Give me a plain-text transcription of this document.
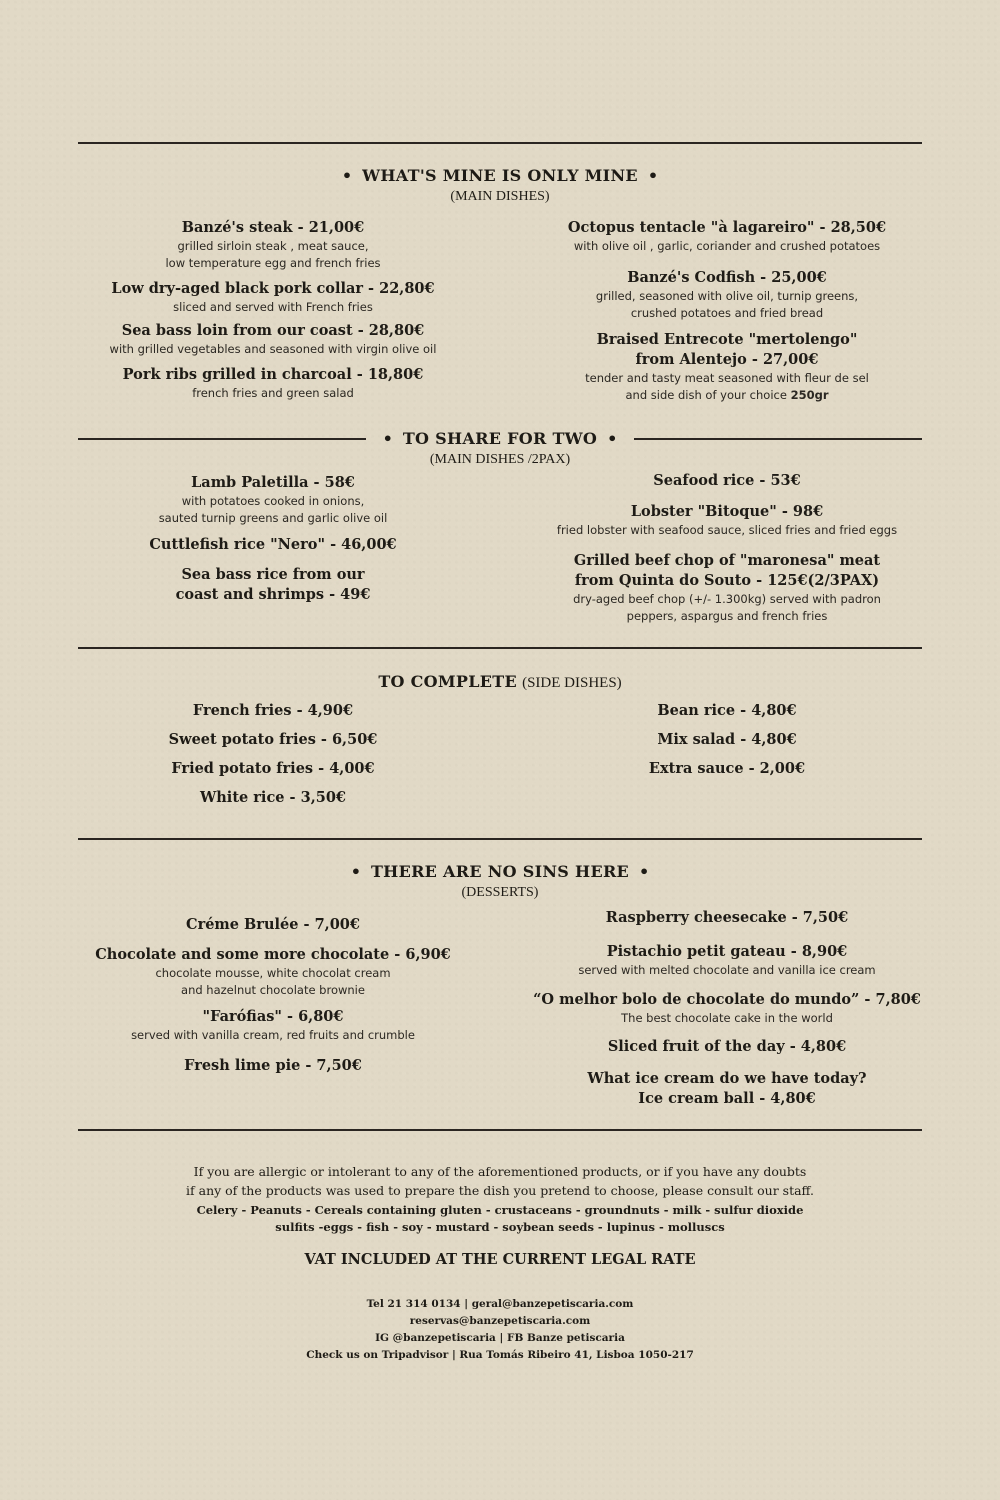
• WHAT'S MINE IS ONLY MINE •
(MAIN DISHES)
Banzé's steak - 21,00€
grilled sirloin steak , meat sauce,
low temperature egg and french fries
Low dry-aged black pork collar - 22,80€
sliced and served with French fries
Sea bass loin from our coast - 28,80€
with grilled vegetables and seasoned with virgin olive oil
Pork ribs grilled in charcoal - 18,80€
french fries and green salad
Octopus tentacle "à lagareiro" - 28,50€
with olive oil , garlic, coriander and crushed potatoes
Banzé's Codfish - 25,00€
grilled, seasoned with olive oil, turnip greens,
crushed potatoes and fried bread
Braised Entrecote "mertolengo"
from Alentejo - 27,00€
tender and tasty meat seasoned with fleur de sel
and side dish of your choice 250gr
• TO SHARE FOR TWO •
(MAIN DISHES /2PAX)
Lamb Paletilla - 58€
with potatoes cooked in onions,
sauted turnip greens and garlic olive oil
Cuttlefish rice "Nero" - 46,00€
Sea bass rice from our
coast and shrimps - 49€
Seafood rice - 53€
Lobster "Bitoque" - 98€
fried lobster with seafood sauce, sliced fries and fried eggs
Grilled beef chop of "maronesa" meat
from Quinta do Souto - 125€(2/3PAX)
dry-aged beef chop (+/- 1.300kg) served with padron
peppers, aspargus and french fries
TO COMPLETE (SIDE DISHES)
French fries - 4,90€
Sweet potato fries - 6,50€
Fried potato fries - 4,00€
White rice - 3,50€
Bean rice - 4,80€
Mix salad - 4,80€
Extra sauce - 2,00€
• THERE ARE NO SINS HERE •
(DESSERTS)
Créme Brulée - 7,00€
Chocolate and some more chocolate - 6,90€
chocolate mousse, white chocolat cream
and hazelnut chocolate brownie
"Farófias" - 6,80€
served with vanilla cream, red fruits and crumble
Fresh lime pie - 7,50€
Raspberry cheesecake - 7,50€
Pistachio petit gateau - 8,90€
served with melted chocolate and vanilla ice cream
“O melhor bolo de chocolate do mundo” - 7,80€
The best chocolate cake in the world
Sliced fruit of the day - 4,80€
What ice cream do we have today?
Ice cream ball - 4,80€
If you are allergic or intolerant to any of the aforementioned products, or if you have any doubts
if any of the products was used to prepare the dish you pretend to choose, please consult our staff.
Celery - Peanuts - Cereals containing gluten - crustaceans - groundnuts - milk - sulfur dioxide
sulfits -eggs - fish - soy - mustard - soybean seeds - lupinus - molluscs
VAT INCLUDED AT THE CURRENT LEGAL RATE
Tel 21 314 0134 | geral@banzepetiscaria.com
reservas@banzepetiscaria.com
IG @banzepetiscaria | FB Banze petiscaria
Check us on Tripadvisor | Rua Tomás Ribeiro 41, Lisboa 1050-217
